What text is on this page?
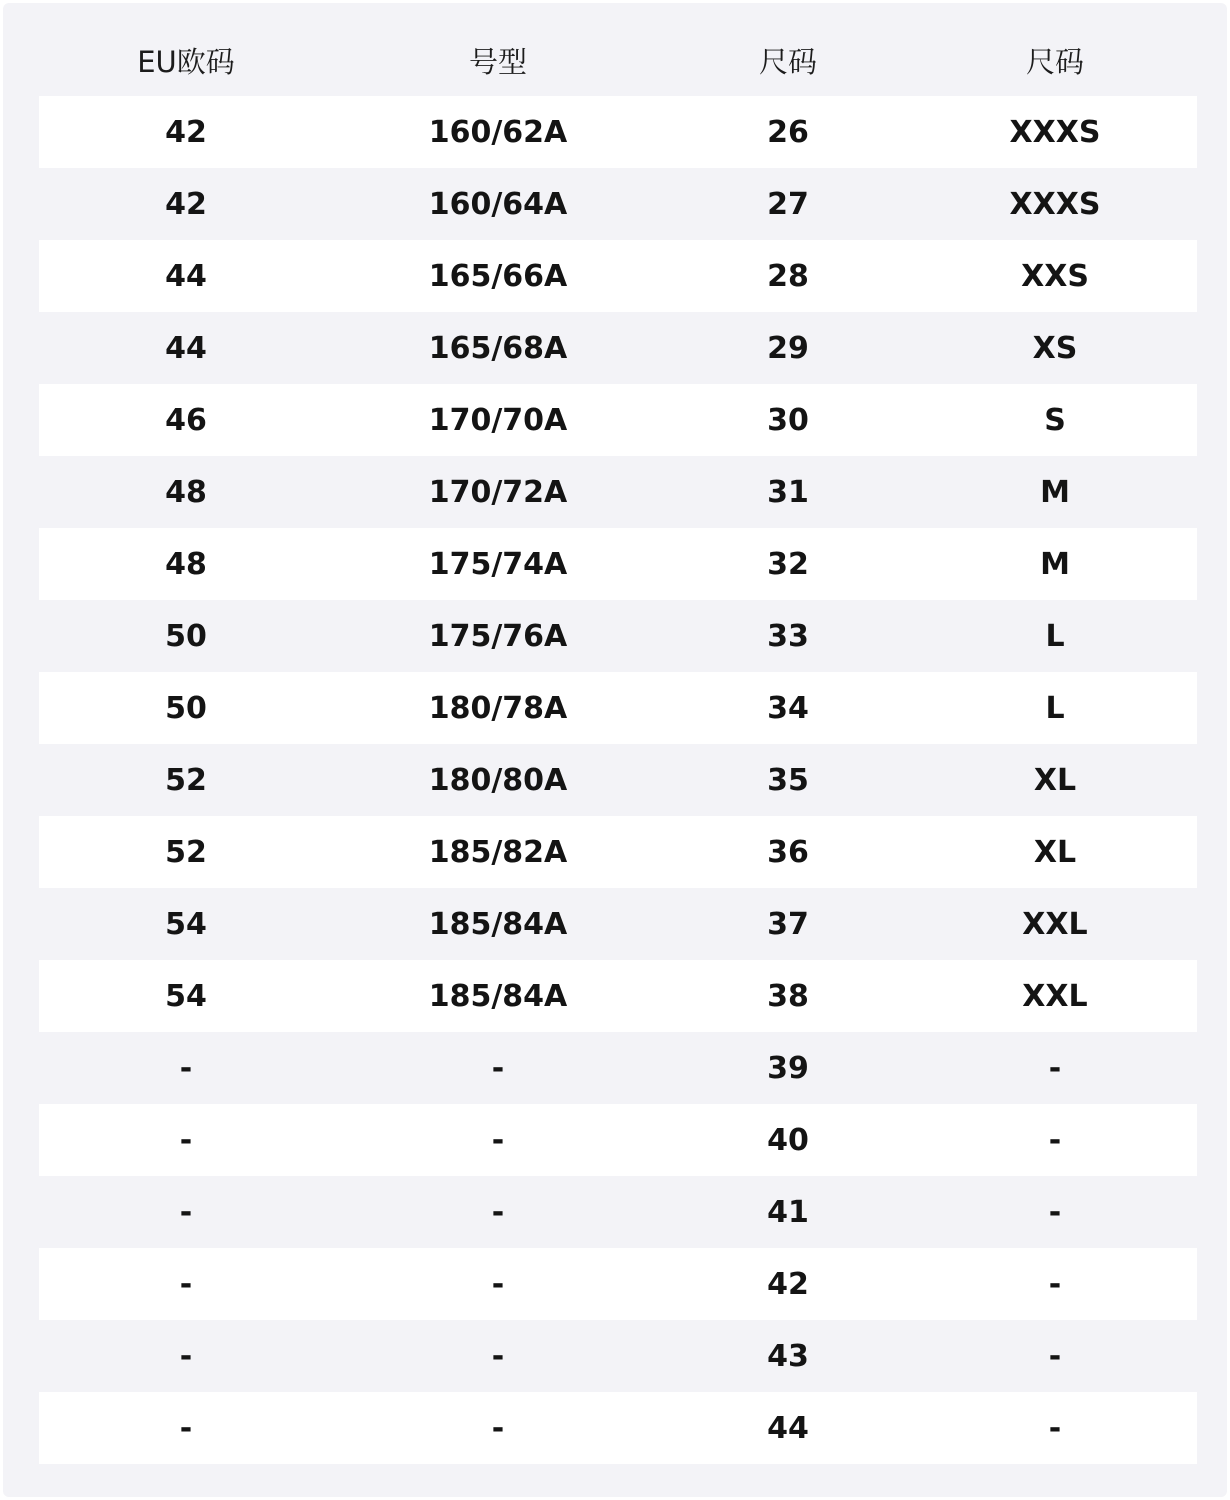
EU欧码	号型	尺码	尺码
42	160/62A	26	XXXS
42	160/64A	27	XXXS
44	165/66A	28	XXS
44	165/68A	29	XS
46	170/70A	30	S
48	170/72A	31	M
48	175/74A	32	M
50	175/76A	33	L
50	180/78A	34	L
52	180/80A	35	XL
52	185/82A	36	XL
54	185/84A	37	XXL
54	185/84A	38	XXL
-	-	39	-
-	-	40	-
-	-	41	-
-	-	42	-
-	-	43	-
-	-	44	-
